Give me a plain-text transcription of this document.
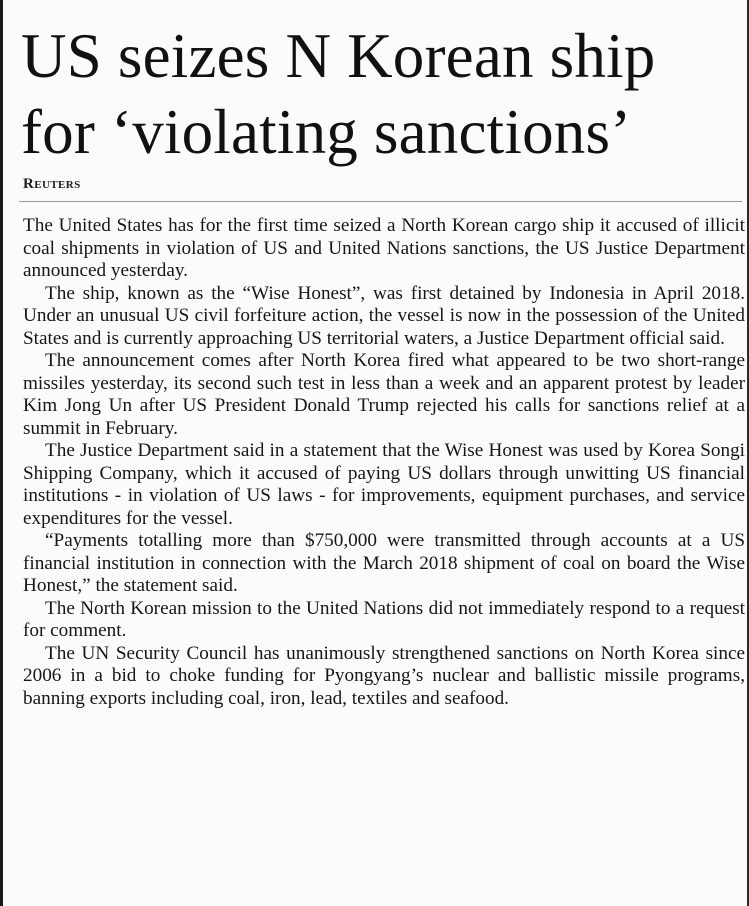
US seizes N Korean ship
for ‘violating sanctions’
Reuters

The United States has for the first time seized a North Korean cargo ship it accused of illicit coal shipments in violation of US and United Nations sanctions, the US Justice Department announced yesterday.

The ship, known as the “Wise Honest”, was first detained by Indonesia in April 2018. Under an unusual US civil forfeiture action, the vessel is now in the possession of the United States and is currently approaching US territorial waters, a Justice Department official said.

The announcement comes after North Korea fired what appeared to be two short-range missiles yesterday, its second such test in less than a week and an apparent protest by leader Kim Jong Un after US President Donald Trump rejected his calls for sanctions relief at a summit in February.

The Justice Department said in a statement that the Wise Honest was used by Korea Songi Shipping Company, which it accused of paying US dollars through unwitting US financial institutions - in violation of US laws - for improvements, equipment purchases, and service expenditures for the vessel.

“Payments totalling more than $750,000 were transmitted through accounts at a US financial institution in connection with the March 2018 shipment of coal on board the Wise Honest,” the statement said.

The North Korean mission to the United Nations did not immediately respond to a request for comment.

The UN Security Council has unanimously strengthened sanctions on North Korea since 2006 in a bid to choke funding for Pyongyang’s nuclear and ballistic missile programs, banning exports including coal, iron, lead, textiles and seafood.
